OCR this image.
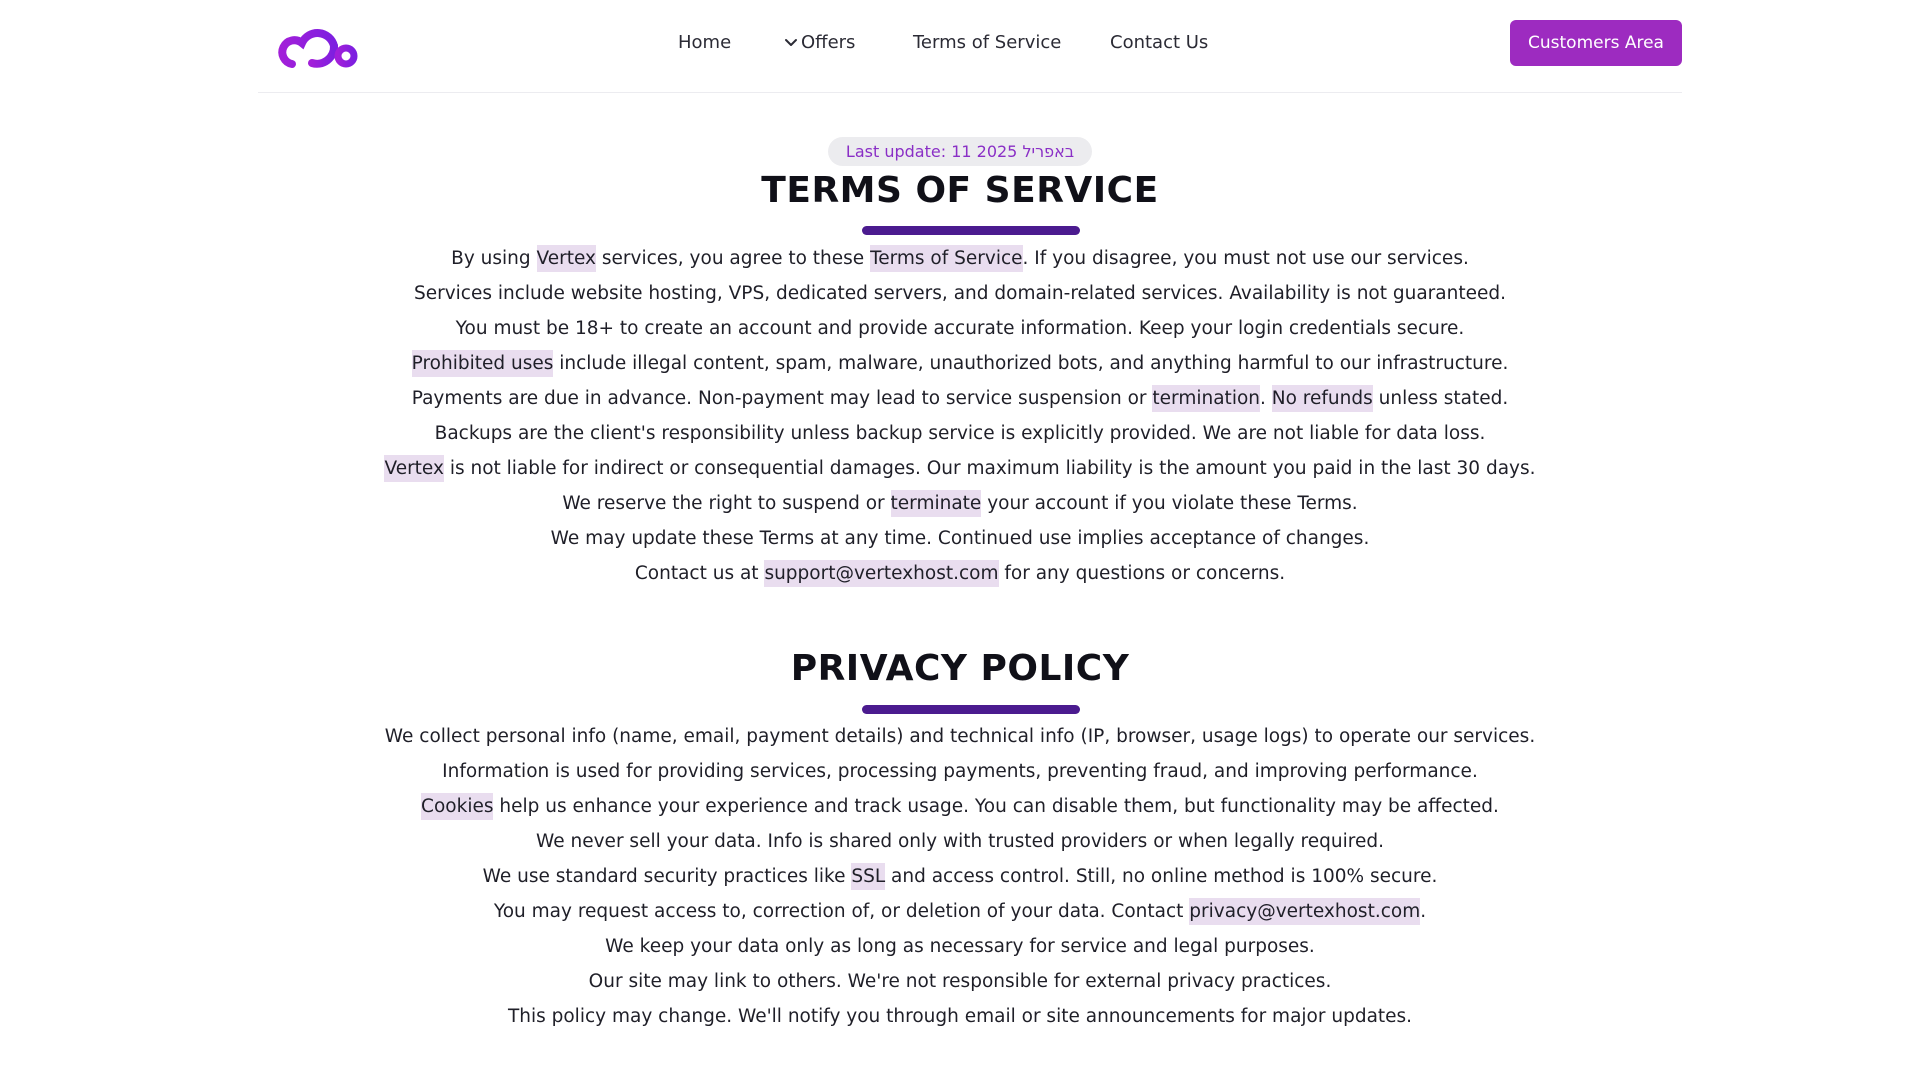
Home	Offers	Terms of Service	Contact Us	Customers Area
Last update: 11 2025 באפריל
TERMS OF SERVICE
By using Vertex services, you agree to these Terms of Service. If you disagree, you must not use our services.
Services include website hosting, VPS, dedicated servers, and domain-related services. Availability is not guaranteed.
You must be 18+ to create an account and provide accurate information. Keep your login credentials secure.
Prohibited uses include illegal content, spam, malware, unauthorized bots, and anything harmful to our infrastructure.
Payments are due in advance. Non-payment may lead to service suspension or termination. No refunds unless stated.
Backups are the client's responsibility unless backup service is explicitly provided. We are not liable for data loss.
Vertex is not liable for indirect or consequential damages. Our maximum liability is the amount you paid in the last 30 days.
We reserve the right to suspend or terminate your account if you violate these Terms.
We may update these Terms at any time. Continued use implies acceptance of changes.
Contact us at support@vertexhost.com for any questions or concerns.
PRIVACY POLICY
We collect personal info (name, email, payment details) and technical info (IP, browser, usage logs) to operate our services.
Information is used for providing services, processing payments, preventing fraud, and improving performance.
Cookies help us enhance your experience and track usage. You can disable them, but functionality may be affected.
We never sell your data. Info is shared only with trusted providers or when legally required.
We use standard security practices like SSL and access control. Still, no online method is 100% secure.
You may request access to, correction of, or deletion of your data. Contact privacy@vertexhost.com.
We keep your data only as long as necessary for service and legal purposes.
Our site may link to others. We're not responsible for external privacy practices.
This policy may change. We'll notify you through email or site announcements for major updates.
